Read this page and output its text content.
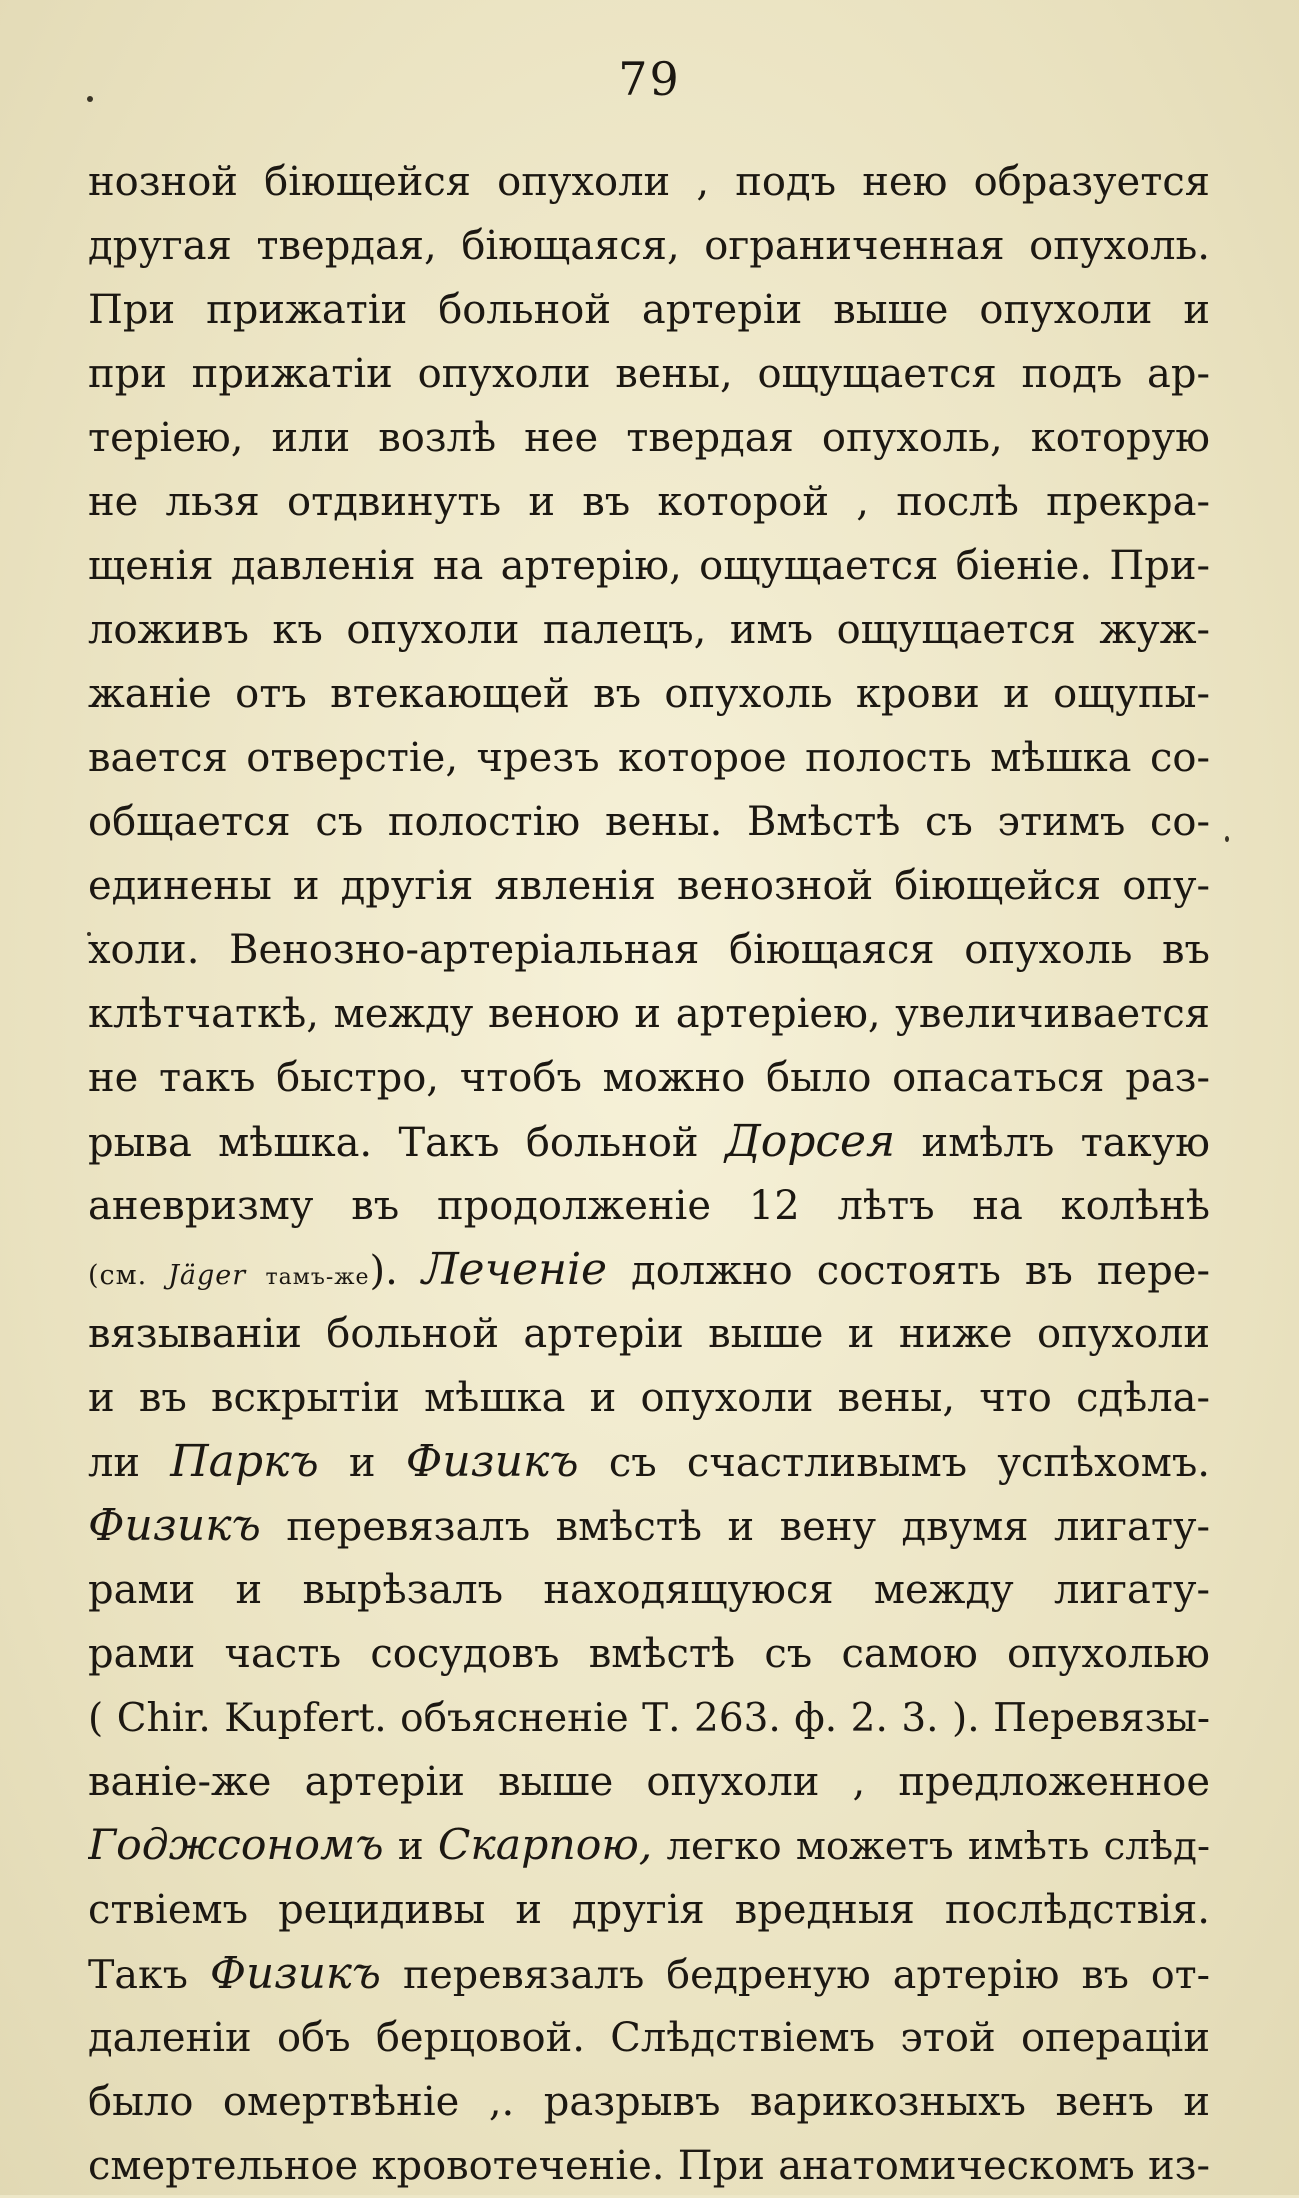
79
нозной біющейся опухоли , подъ нею образуется
другая твердая, біющаяся, ограниченная опухоль.
При прижатіи больной артеріи выше опухоли и
при прижатіи опухоли вены, ощущается подъ ар-
теріею, или возлѣ нее твердая опухоль, которую
не льзя отдвинуть и въ которой , послѣ прекра-
щенія давленія на артерію, ощущается біеніе. При-
ложивъ къ опухоли палецъ, имъ ощущается жуж-
жаніе отъ втекающей въ опухоль крови и ощупы-
вается отверстіе, чрезъ которое полость мѣшка со-
общается съ полостію вены. Вмѣстѣ съ этимъ со-
единены и другія явленія венозной біющейся опу-
холи. Венозно-артеріальная біющаяся опухоль въ
клѣтчаткѣ, между веною и артеріею, увеличивается
не такъ быстро, чтобъ можно было опасаться раз-
рыва мѣшка. Такъ больной Дорсея имѣлъ такую
аневризму въ продолженіе 12 лѣтъ на колѣнѣ
(см. Jäger тамъ-же). Леченіе должно состоять въ пере-
вязываніи больной артеріи выше и ниже опухоли
и въ вскрытіи мѣшка и опухоли вены, что сдѣла-
ли Паркъ и Физикъ съ счастливымъ успѣхомъ.
Физикъ перевязалъ вмѣстѣ и вену двумя лигату-
рами и вырѣзалъ находящуюся между лигату-
рами часть сосудовъ вмѣстѣ съ самою опухолью
( Chir. Kupfert. объясненіе Т. 263. ф. 2. 3. ). Перевязы-
ваніе-же артеріи выше опухоли , предложенное
Годжсономъ и Скарпою, легко можетъ имѣть слѣд-
ствіемъ рецидивы и другія вредныя послѣдствія.
Такъ Физикъ перевязалъ бедреную артерію въ от-
даленіи объ берцовой. Слѣдствіемъ этой операціи
было омертвѣніе ,. разрывъ варикозныхъ венъ и
смертельное кровотеченіе. При анатомическомъ из-
